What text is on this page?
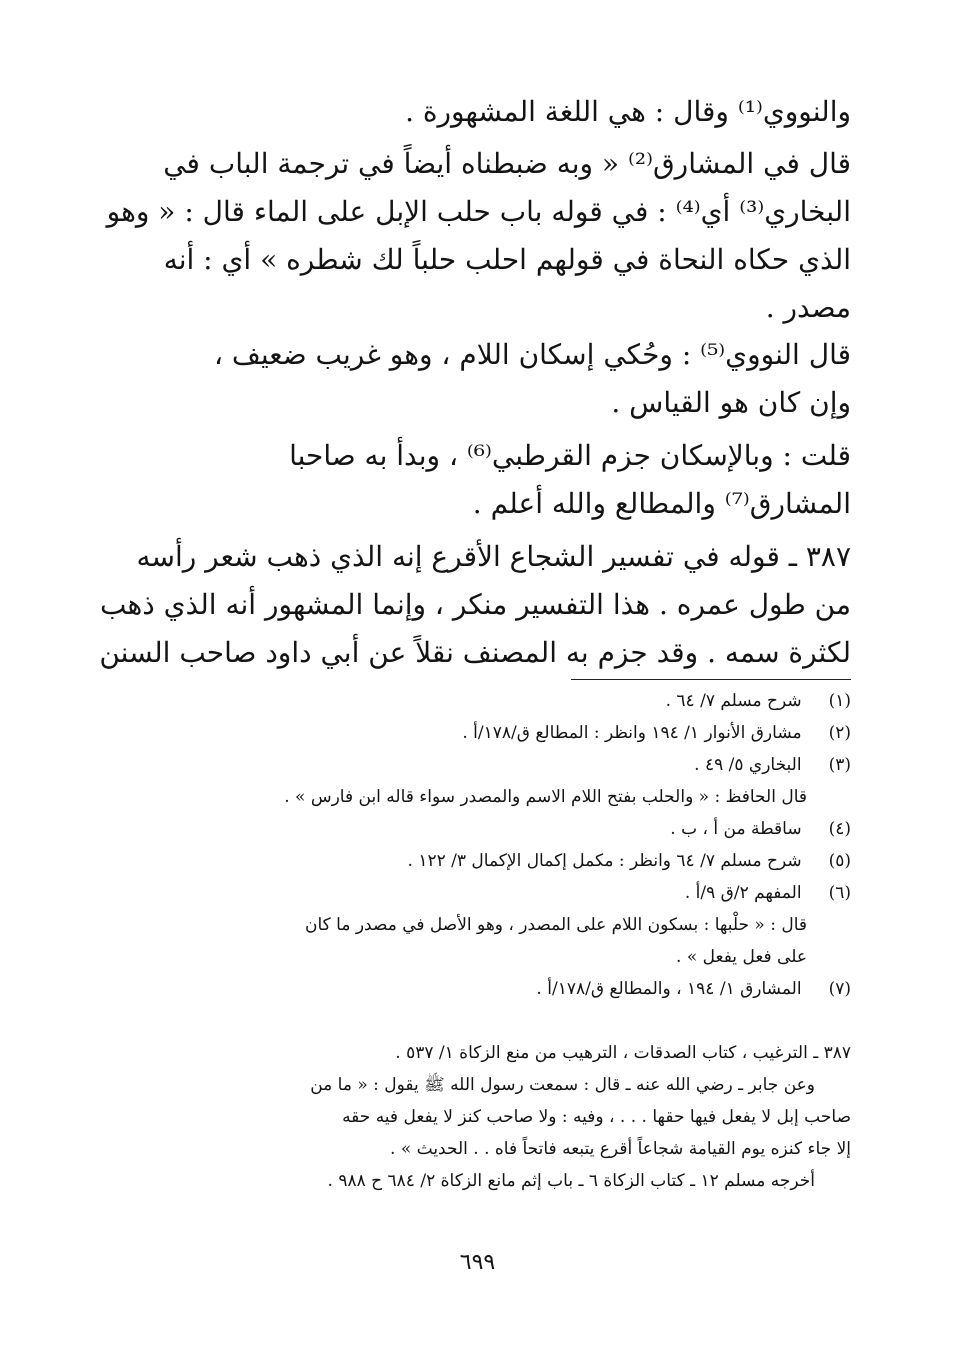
والنووي⁽¹⁾ وقال : هي اللغة المشهورة .
قال في المشارق⁽²⁾ « وبه ضبطناه أيضاً في ترجمة الباب في
البخاري⁽³⁾ أي⁽⁴⁾ : في قوله باب حلب الإبل على الماء قال : « وهو
الذي حكاه النحاة في قولهم احلب حلباً لك شطره » أي : أنه
مصدر .
قال النووي⁽⁵⁾ : وحُكي إسكان اللام ، وهو غريب ضعيف ،
وإن كان هو القياس .
قلت : وبالإسكان جزم القرطبي⁽⁶⁾ ، وبدأ به صاحبا
المشارق⁽⁷⁾ والمطالع والله أعلم .
٣٨٧ ـ قوله في تفسير الشجاع الأقرع إنه الذي ذهب شعر رأسه
من طول عمره . هذا التفسير منكر ، وإنما المشهور أنه الذي ذهب
لكثرة سمه . وقد جزم به المصنف نقلاً عن أبي داود صاحب السنن
(١) شرح مسلم ٧/ ٦٤ .
(٢) مشارق الأنوار ١/ ١٩٤ وانظر : المطالع ق/١٧٨/أ .
(٣) البخاري ٥/ ٤٩ .
قال الحافظ : « والحلب بفتح اللام الاسم والمصدر سواء قاله ابن فارس » .
(٤) ساقطة من أ ، ب .
(٥) شرح مسلم ٧/ ٦٤ وانظر : مكمل إكمال الإكمال ٣/ ١٢٢ .
(٦) المفهم ٢/ق ٩/أ .
قال : « حلْبها : بسكون اللام على المصدر ، وهو الأصل في مصدر ما كان
على فعل يفعل » .
(٧) المشارق ١/ ١٩٤ ، والمطالع ق/١٧٨/أ .
٣٨٧ ـ الترغيب ، كتاب الصدقات ، الترهيب من منع الزكاة ١/ ٥٣٧ .
وعن جابر ـ رضي الله عنه ـ قال : سمعت رسول الله ﷺ يقول : « ما من
صاحب إبل لا يفعل فيها حقها . . . ، وفيه : ولا صاحب كنز لا يفعل فيه حقه
إلا جاء كنزه يوم القيامة شجاعاً أقرع يتبعه فاتحاً فاه . . الحديث » .
أخرجه مسلم ١٢ ـ كتاب الزكاة ٦ ـ باب إثم مانع الزكاة ٢/ ٦٨٤ ح ٩٨٨ .
٦٩٩
